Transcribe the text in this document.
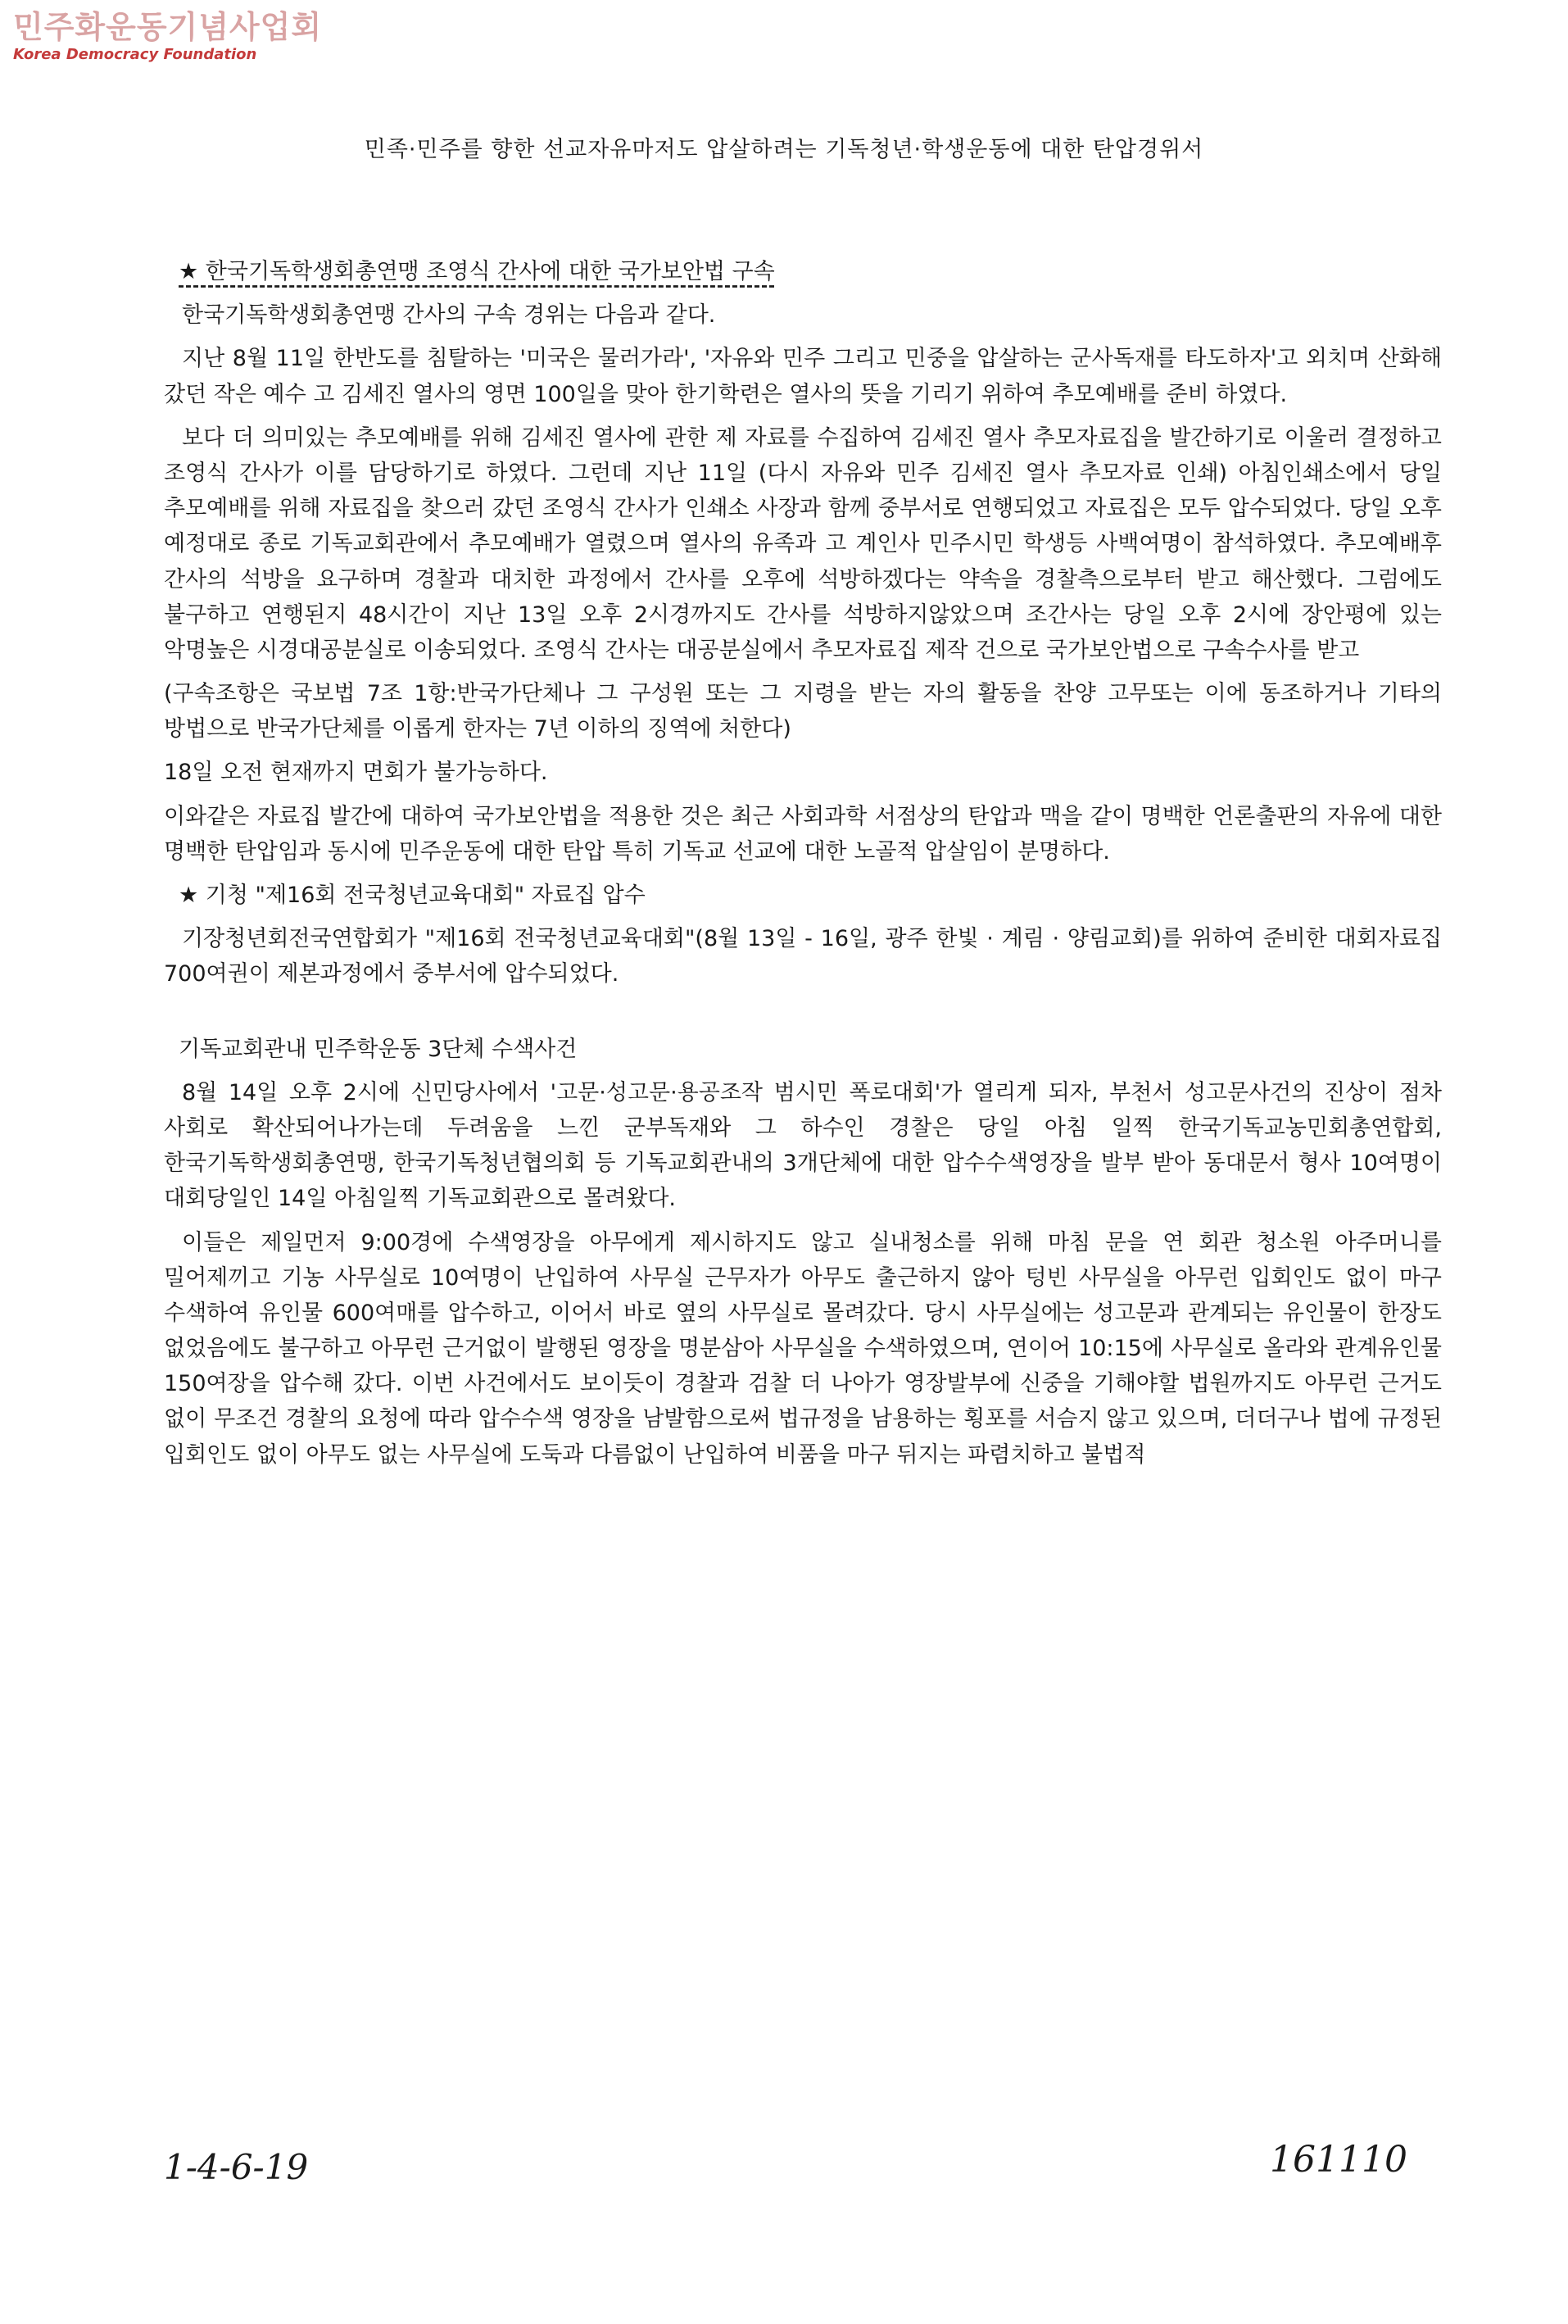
민주화운동기념사업회
Korea Democracy Foundation
민족·민주를 향한 선교자유마저도 압살하려는 기독청년·학생운동에 대한 탄압경위서
★ 한국기독학생회총연맹 조영식 간사에 대한 국가보안법 구속

한국기독학생회총연맹 간사의 구속 경위는 다음과 같다.

지난 8월 11일 한반도를 침탈하는 '미국은 물러가라', '자유와 민주 그리고 민중을 압살하는 군사독재를 타도하자'고 외치며 산화해 갔던 작은 예수 고 김세진 열사의 영면 100일을 맞아 한기학련은 열사의 뜻을 기리기 위하여 추모예배를 준비 하였다.

보다 더 의미있는 추모예배를 위해 김세진 열사에 관한 제 자료를 수집하여 김세진 열사 추모자료집을 발간하기로 이울러 결정하고 조영식 간사가 이를 담당하기로 하였다. 그런데 지난 11일 (다시 자유와 민주 김세진 열사 추모자료 인쇄) 아침인쇄소에서 당일 추모예배를 위해 자료집을 찾으러 갔던 조영식 간사가 인쇄소 사장과 함께 중부서로 연행되었고 자료집은 모두 압수되었다. 당일 오후 예정대로 종로 기독교회관에서 추모예배가 열렸으며 열사의 유족과 고 계인사 민주시민 학생등 사백여명이 참석하였다. 추모예배후 간사의 석방을 요구하며 경찰과 대치한 과정에서 간사를 오후에 석방하겠다는 약속을 경찰측으로부터 받고 해산했다. 그럼에도 불구하고 연행된지 48시간이 지난 13일 오후 2시경까지도 간사를 석방하지않았으며 조간사는 당일 오후 2시에 장안평에 있는 악명높은 시경대공분실로 이송되었다. 조영식 간사는 대공분실에서 추모자료집 제작 건으로 국가보안법으로 구속수사를 받고

(구속조항은 국보법 7조 1항:반국가단체나 그 구성원 또는 그 지령을 받는 자의 활동을 찬양 고무또는 이에 동조하거나 기타의 방법으로 반국가단체를 이롭게 한자는 7년 이하의 징역에 처한다)

18일 오전 현재까지 면회가 불가능하다.

이와같은 자료집 발간에 대하여 국가보안법을 적용한 것은 최근 사회과학 서점상의 탄압과 맥을 같이 명백한 언론출판의 자유에 대한 명백한 탄압임과 동시에 민주운동에 대한 탄압 특히 기독교 선교에 대한 노골적 압살임이 분명하다.

★ 기청 "제16회 전국청년교육대회" 자료집 압수

기장청년회전국연합회가 "제16회 전국청년교육대회"(8월 13일 - 16일, 광주 한빛 · 계림 · 양림교회)를 위하여 준비한 대회자료집 700여권이 제본과정에서 중부서에 압수되었다.

기독교회관내 민주학운동 3단체 수색사건

8월 14일 오후 2시에 신민당사에서 '고문·성고문·용공조작 범시민 폭로대회'가 열리게 되자, 부천서 성고문사건의 진상이 점차 사회로 확산되어나가는데 두려움을 느낀 군부독재와 그 하수인 경찰은 당일 아침 일찍 한국기독교농민회총연합회, 한국기독학생회총연맹, 한국기독청년협의회 등 기독교회관내의 3개단체에 대한 압수수색영장을 발부 받아 동대문서 형사 10여명이 대회당일인 14일 아침일찍 기독교회관으로 몰려왔다.

이들은 제일먼저 9:00경에 수색영장을 아무에게 제시하지도 않고 실내청소를 위해 마침 문을 연 회관 청소원 아주머니를 밀어제끼고 기농 사무실로 10여명이 난입하여 사무실 근무자가 아무도 출근하지 않아 텅빈 사무실을 아무런 입회인도 없이 마구 수색하여 유인물 600여매를 압수하고, 이어서 바로 옆의 사무실로 몰려갔다. 당시 사무실에는 성고문과 관계되는 유인물이 한장도 없었음에도 불구하고 아무런 근거없이 발행된 영장을 명분삼아 사무실을 수색하였으며, 연이어 10:15에 사무실로 올라와 관계유인물 150여장을 압수해 갔다. 이번 사건에서도 보이듯이 경찰과 검찰 더 나아가 영장발부에 신중을 기해야할 법원까지도 아무런 근거도 없이 무조건 경찰의 요청에 따라 압수수색 영장을 남발함으로써 법규정을 남용하는 횡포를 서슴지 않고 있으며, 더더구나 법에 규정된 입회인도 없이 아무도 없는 사무실에 도둑과 다름없이 난입하여 비품을 마구 뒤지는 파렴치하고 불법적

1-4-6-19	161110
